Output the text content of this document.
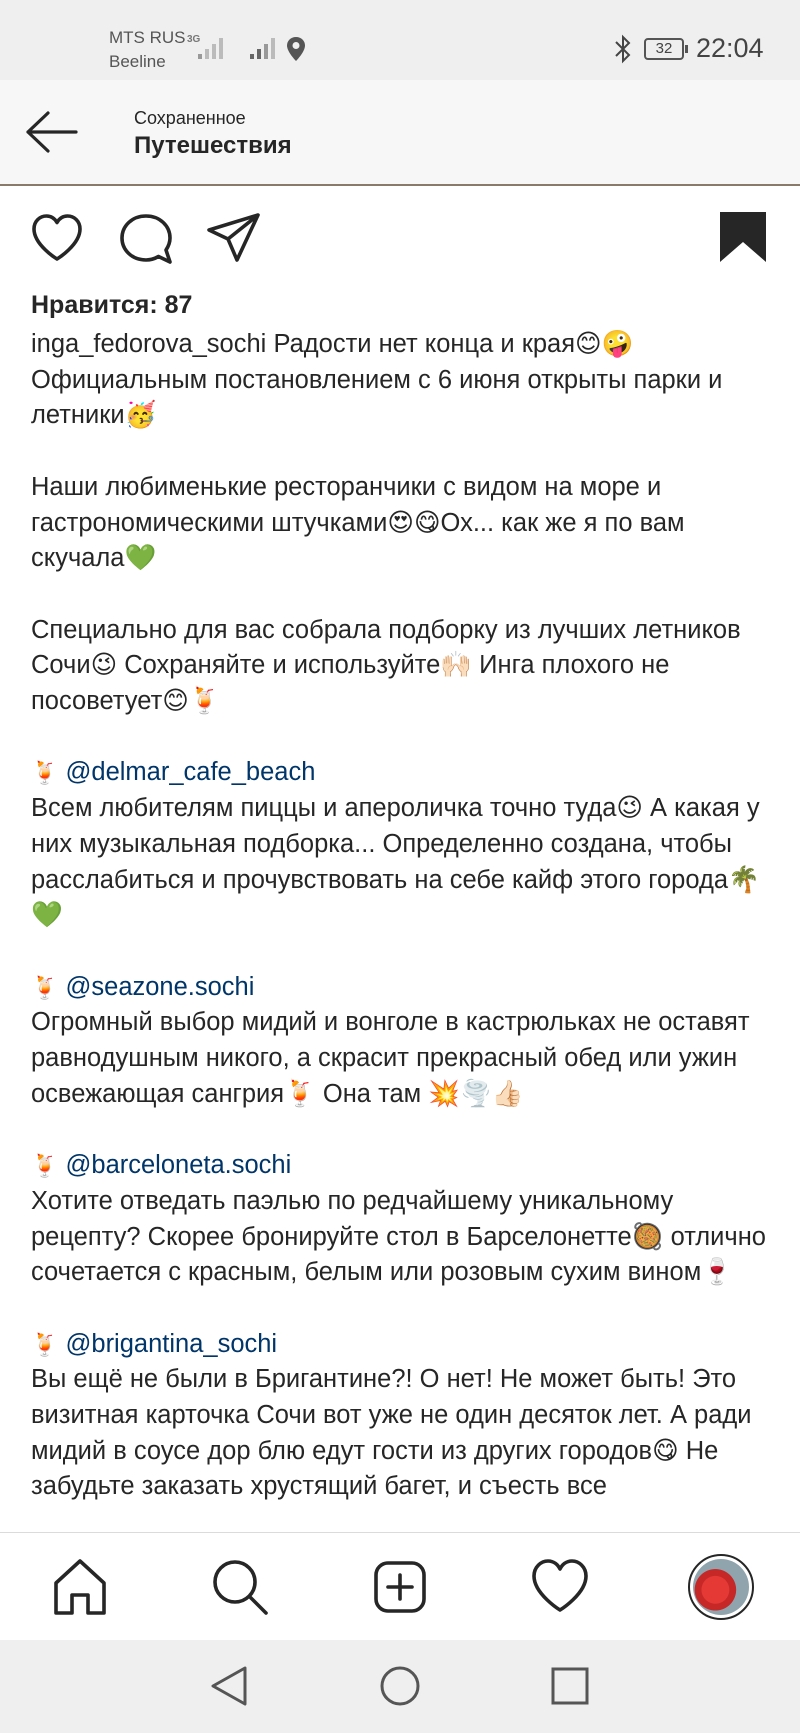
MTS RUS
Beeline
3G
32 22:04
Сохраненное
Путешествия
Нравится: 87

inga_fedorova_sochi Радости нет конца и края😊🤪 Официальным постановлением с 6 июня открыты парки и летники🥳

Наши любименькие ресторанчики с видом на море и гастрономическими штучками😍😋Ох... как же я по вам скучала💚

Специально для вас собрала подборку из лучших летников Сочи😉 Сохраняйте и используйте🙌🏻 Инга плохого не посоветует😊🍹

🍹 @delmar_cafe_beach

Всем любителям пиццы и апероличка точно туда😉 А какая у них музыкальная подборка... Определенно создана, чтобы расслабиться и прочувствовать на себе кайф этого города🌴💚

🍹 @seazone.sochi

Огромный выбор мидий и вонголе в кастрюльках не оставят равнодушным никого, а скрасит прекрасный обед или ужин освежающая сангрия🍹 Она там 💥🌪️👍🏻

🍹 @barceloneta.sochi

Хотите отведать паэлью по редчайшему уникальному рецепту? Скорее бронируйте стол в Барселонетте🥘 отлично сочетается с красным, белым или розовым сухим вином🍷

🍹 @brigantina_sochi

Вы ещё не были в Бригантине?! О нет! Не может быть! Это визитная карточка Сочи вот уже не один десяток лет. А ради мидий в соусе дор блю едут гости из других городов😋 Не забудьте заказать хрустящий багет, и съесть все
